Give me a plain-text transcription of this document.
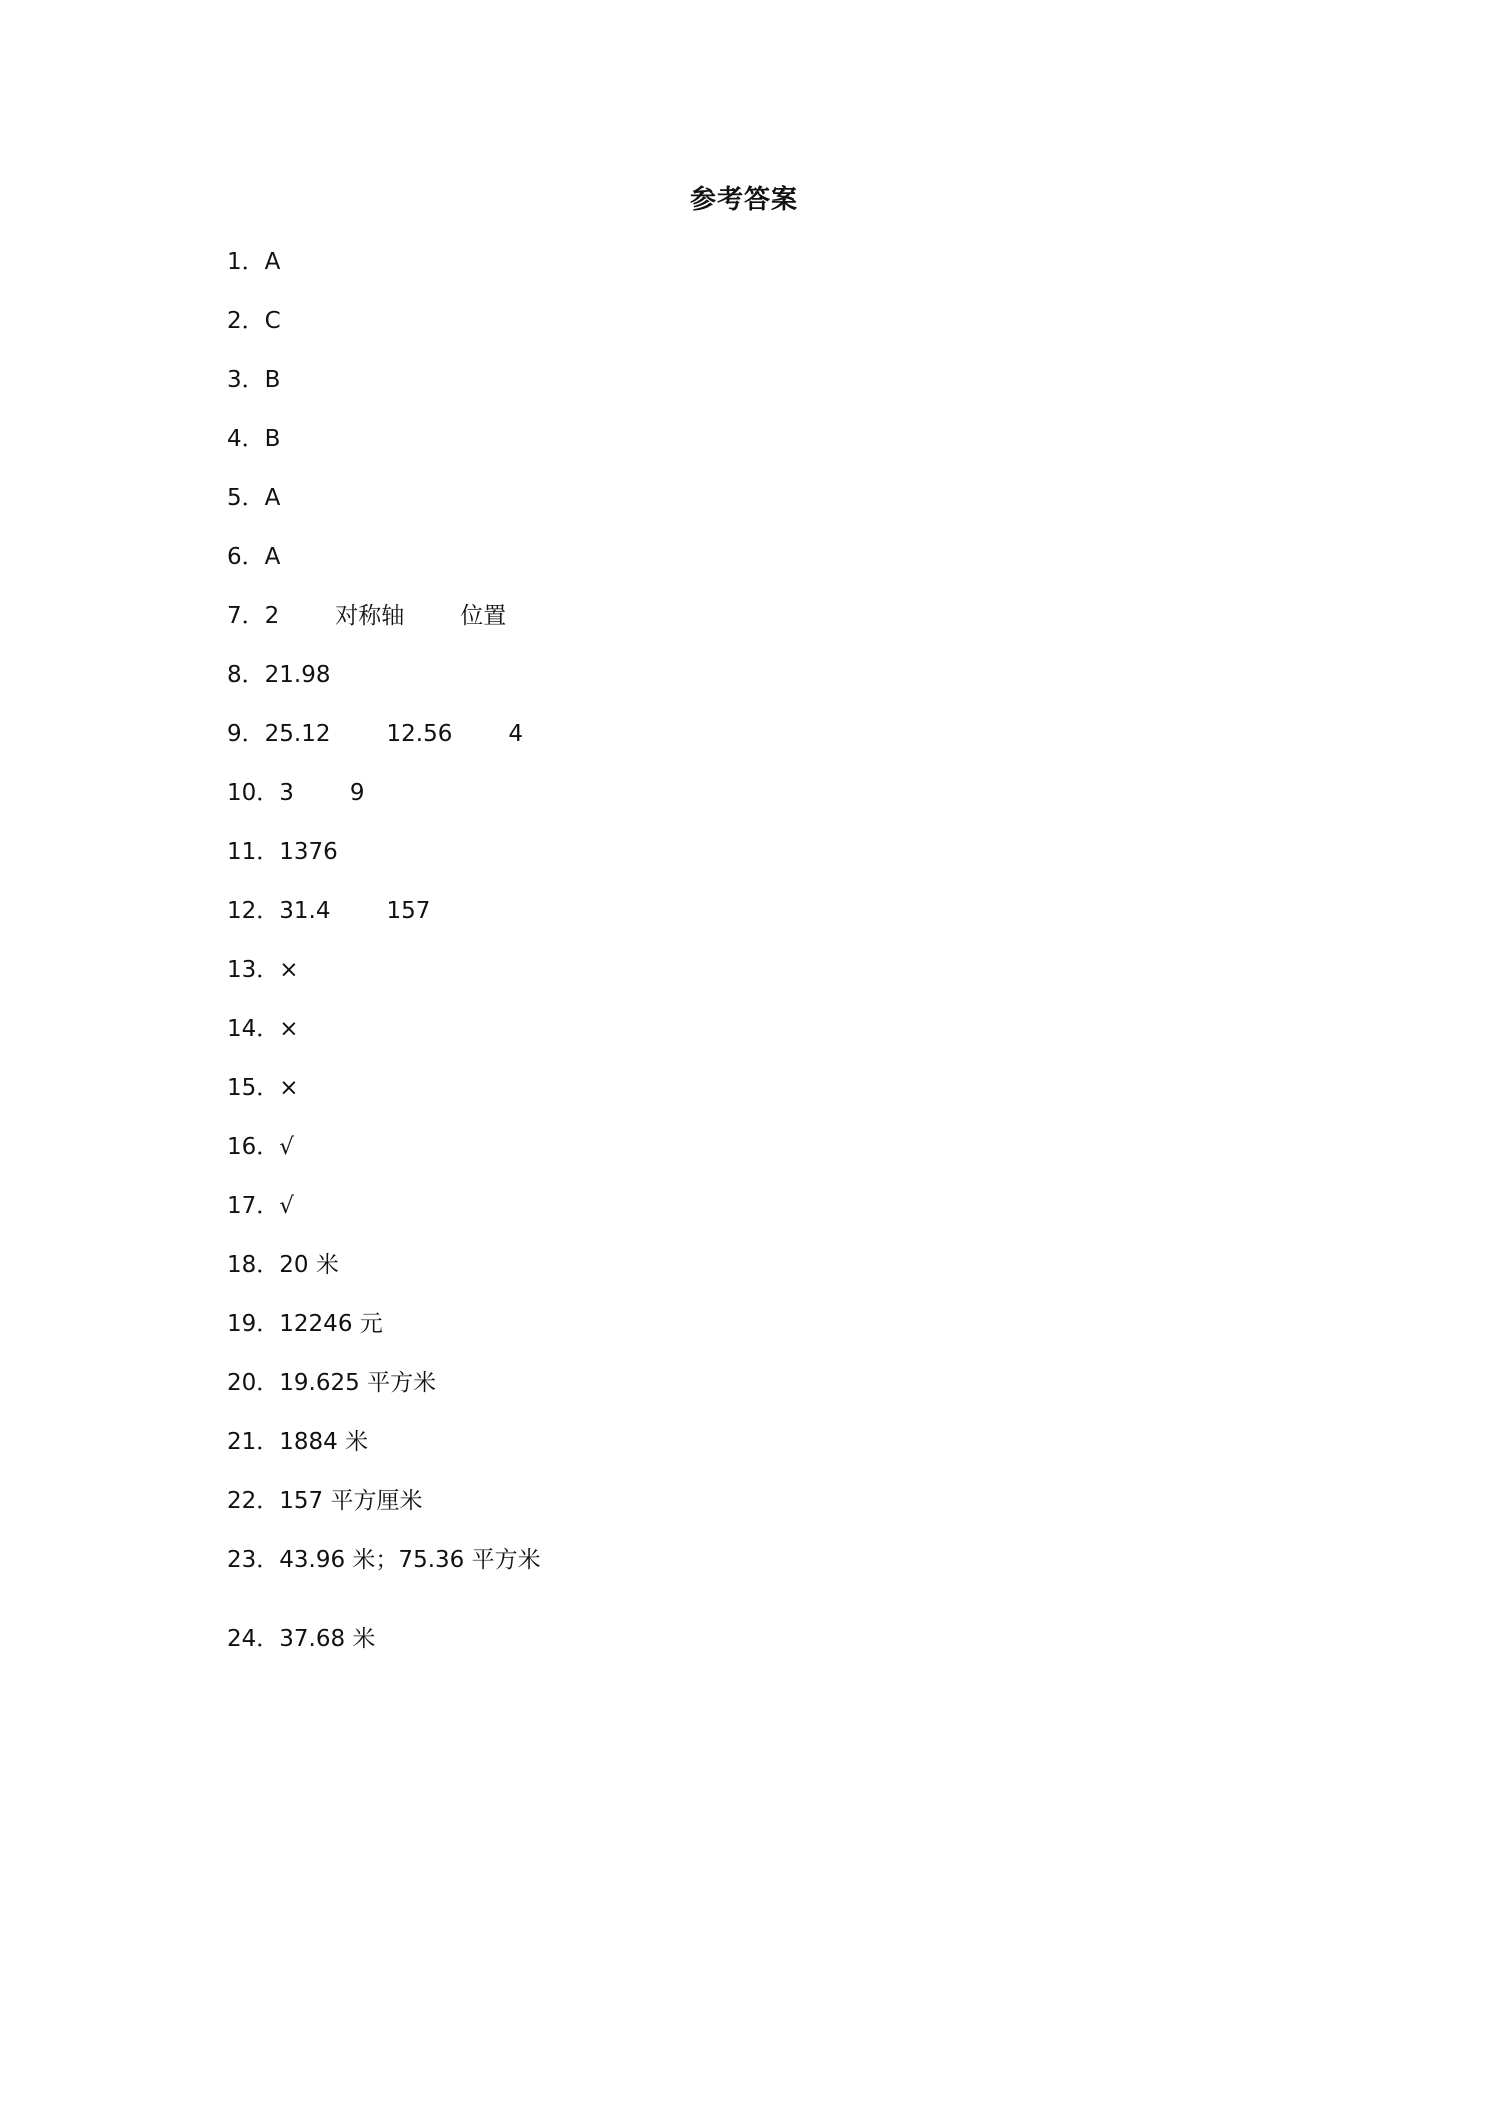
参考答案
1． A
2． C
3． B
4． B
5． A
6． A
7． 2 对称轴 位置
8． 21.98
9． 25.12 12.56 4
10． 3 9
11． 1376
12． 31.4 157
13． ×
14． ×
15． ×
16． √
17． √
18． 20 米
19． 12246 元
20． 19.625 平方米
21． 1884 米
22． 157 平方厘米
23． 43.96 米；75.36 平方米
24． 37.68 米
